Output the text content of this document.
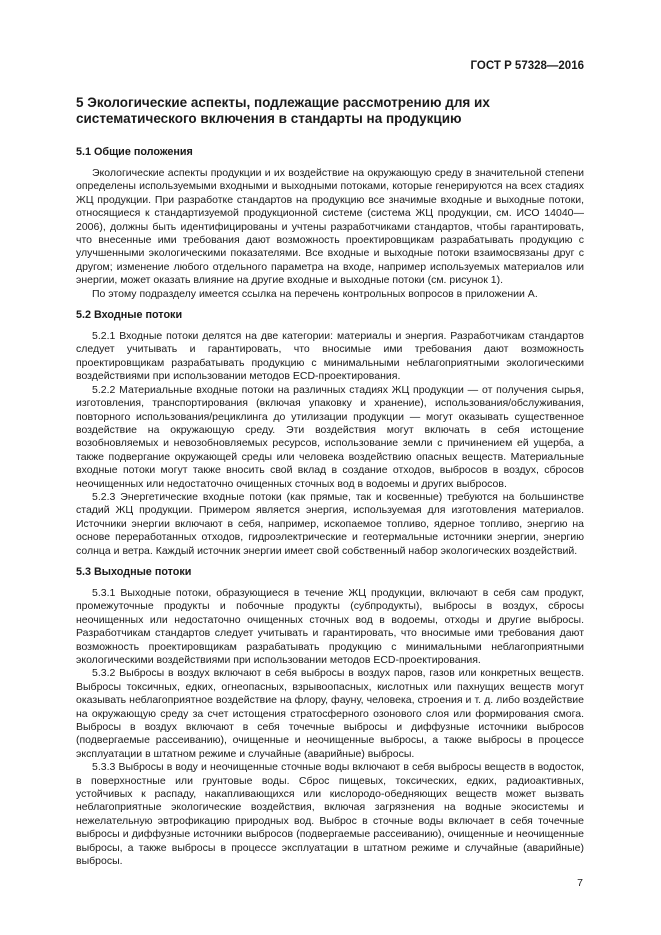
ГОСТ Р 57328—2016
5 Экологические аспекты, подлежащие рассмотрению для их систематического включения в стандарты на продукцию
5.1 Общие положения

Экологические аспекты продукции и их воздействие на окружающую среду в значительной степени определены используемыми входными и выходными потоками, которые генерируются на всех стадиях ЖЦ продукции. При разработке стандартов на продукцию все значимые входные и выходные потоки, относящиеся к стандартизуемой продукционной системе (система ЖЦ продукции, см. ИСО 14040—2006), должны быть идентифицированы и учтены разработчиками стандартов, чтобы гарантировать, что внесенные ими требования дают возможность проектировщикам разрабатывать продукцию с улучшенными экологическими показателями. Все входные и выходные потоки взаимосвязаны друг с другом; изменение любого отдельного параметра на входе, например используемых материалов или энергии, может оказать влияние на другие входные и выходные потоки (см. рисунок 1).

По этому подразделу имеется ссылка на перечень контрольных вопросов в приложении А.

5.2 Входные потоки

5.2.1 Входные потоки делятся на две категории: материалы и энергия. Разработчикам стандартов следует учитывать и гарантировать, что вносимые ими требования дают возможность проектировщикам разрабатывать продукцию с минимальными неблагоприятными экологическими воздействиями при использовании методов ECD-проектирования.

5.2.2 Материальные входные потоки на различных стадиях ЖЦ продукции — от получения сырья, изготовления, транспортирования (включая упаковку и хранение), использования/обслуживания, повторного использования/рециклинга до утилизации продукции — могут оказывать существенное воздействие на окружающую среду. Эти воздействия могут включать в себя истощение возобновляемых и невозобновляемых ресурсов, использование земли с причинением ей ущерба, а также подвергание окружающей среды или человека воздействию опасных веществ. Материальные входные потоки могут также вносить свой вклад в создание отходов, выбросов в воздух, сбросов неочищенных или недостаточно очищенных сточных вод в водоемы и других выбросов.

5.2.3 Энергетические входные потоки (как прямые, так и косвенные) требуются на большинстве стадий ЖЦ продукции. Примером является энергия, используемая для изготовления материалов. Источники энергии включают в себя, например, ископаемое топливо, ядерное топливо, энергию на основе переработанных отходов, гидроэлектрические и геотермальные источники энергии, энергию солнца и ветра. Каждый источник энергии имеет свой собственный набор экологических воздействий.

5.3 Выходные потоки

5.3.1 Выходные потоки, образующиеся в течение ЖЦ продукции, включают в себя сам продукт, промежуточные продукты и побочные продукты (субпродукты), выбросы в воздух, сбросы неочищенных или недостаточно очищенных сточных вод в водоемы, отходы и другие выбросы. Разработчикам стандартов следует учитывать и гарантировать, что вносимые ими требования дают возможность проектировщикам разрабатывать продукцию с минимальными неблагоприятными экологическими воздействиями при использовании методов ECD-проектирования.

5.3.2 Выбросы в воздух включают в себя выбросы в воздух паров, газов или конкретных веществ. Выбросы токсичных, едких, огнеопасных, взрывоопасных, кислотных или пахнущих веществ могут оказывать неблагоприятное воздействие на флору, фауну, человека, строения и т. д. либо воздействие на окружающую среду за счет истощения стратосферного озонового слоя или формирования смога. Выбросы в воздух включают в себя точечные выбросы и диффузные источники выбросов (подвергаемые рассеиванию), очищенные и неочищенные выбросы, а также выбросы в процессе эксплуатации в штатном режиме и случайные (аварийные) выбросы.

5.3.3 Выбросы в воду и неочищенные сточные воды включают в себя выбросы веществ в водосток, в поверхностные или грунтовые воды. Сброс пищевых, токсических, едких, радиоактивных, устойчивых к распаду, накапливающихся или кислородо-обедняющих веществ может вызвать неблагоприятные экологические воздействия, включая загрязнения на водные экосистемы и нежелательную эвтрофикацию природных вод. Выброс в сточные воды включает в себя точечные выбросы и диффузные источники выбросов (подвергаемые рассеиванию), очищенные и неочищенные выбросы, а также выбросы в процессе эксплуатации в штатном режиме и случайные (аварийные) выбросы.

7
